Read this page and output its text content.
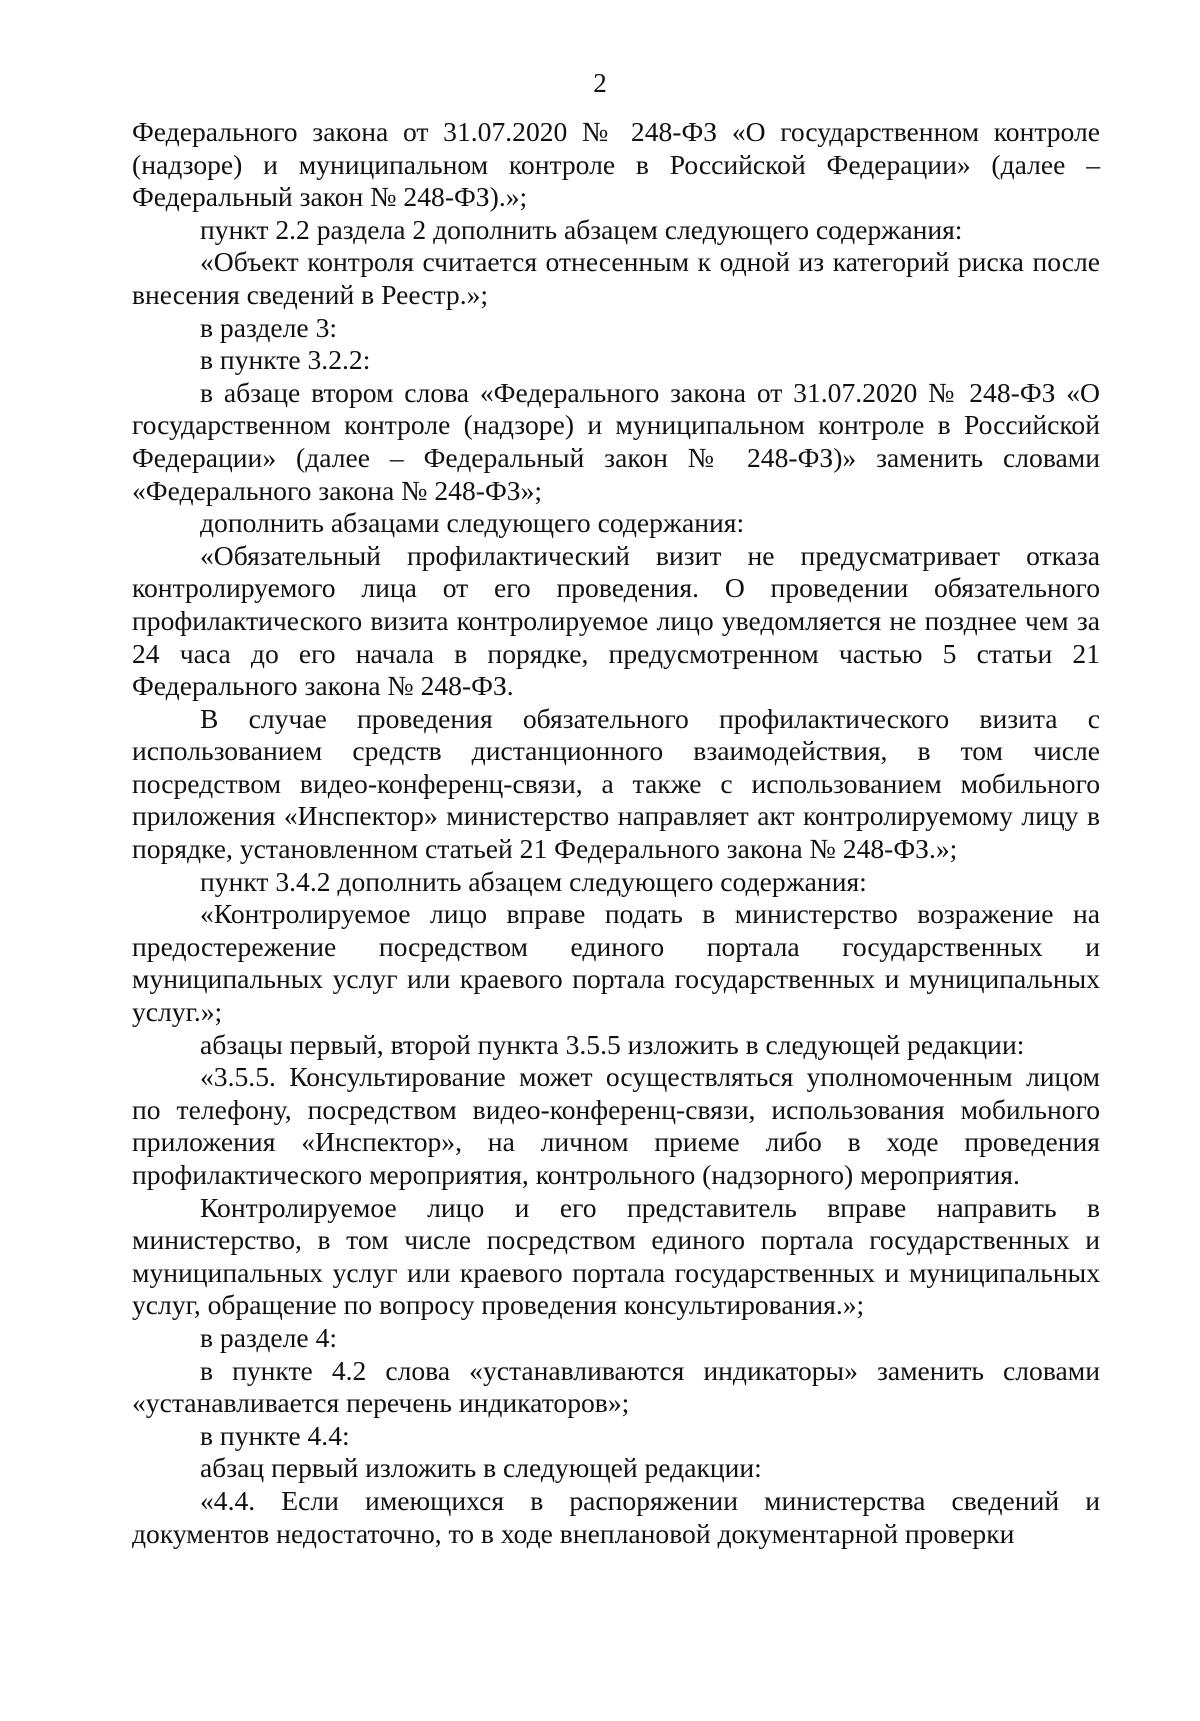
2

Федерального закона от 31.07.2020 № 248-ФЗ «О государственном контроле (надзоре) и муниципальном контроле в Российской Федерации» (далее – Федеральный закон № 248-ФЗ).»;

пункт 2.2 раздела 2 дополнить абзацем следующего содержания:

«Объект контроля считается отнесенным к одной из категорий риска после внесения сведений в Реестр.»;

в разделе 3:

в пункте 3.2.2:

в абзаце втором слова «Федерального закона от 31.07.2020 № 248-ФЗ «О государственном контроле (надзоре) и муниципальном контроле в Российской Федерации» (далее – Федеральный закон № 248-ФЗ)» заменить словами «Федерального закона № 248-ФЗ»;

дополнить абзацами следующего содержания:

«Обязательный профилактический визит не предусматривает отказа контролируемого лица от его проведения. О проведении обязательного профилактического визита контролируемое лицо уведомляется не позднее чем за 24 часа до его начала в порядке, предусмотренном частью 5 статьи 21 Федерального закона № 248-ФЗ.

В случае проведения обязательного профилактического визита с использованием средств дистанционного взаимодействия, в том числе посредством видео-конференц-связи, а также с использованием мобильного приложения «Инспектор» министерство направляет акт контролируемому лицу в порядке, установленном статьей 21 Федерального закона № 248-ФЗ.»;

пункт 3.4.2 дополнить абзацем следующего содержания:

«Контролируемое лицо вправе подать в министерство возражение на предостережение посредством единого портала государственных и муниципальных услуг или краевого портала государственных и муниципальных услуг.»;

абзацы первый, второй пункта 3.5.5 изложить в следующей редакции:

«3.5.5. Консультирование может осуществляться уполномоченным лицом по телефону, посредством видео-конференц-связи, использования мобильного приложения «Инспектор», на личном приеме либо в ходе проведения профилактического мероприятия, контрольного (надзорного) мероприятия.

Контролируемое лицо и его представитель вправе направить в министерство, в том числе посредством единого портала государственных и муниципальных услуг или краевого портала государственных и муниципальных услуг, обращение по вопросу проведения консультирования.»;

в разделе 4:

в пункте 4.2 слова «устанавливаются индикаторы» заменить словами «устанавливается перечень индикаторов»;

в пункте 4.4:

абзац первый изложить в следующей редакции:

«4.4. Если имеющихся в распоряжении министерства сведений и документов недостаточно, то в ходе внеплановой документарной проверки
